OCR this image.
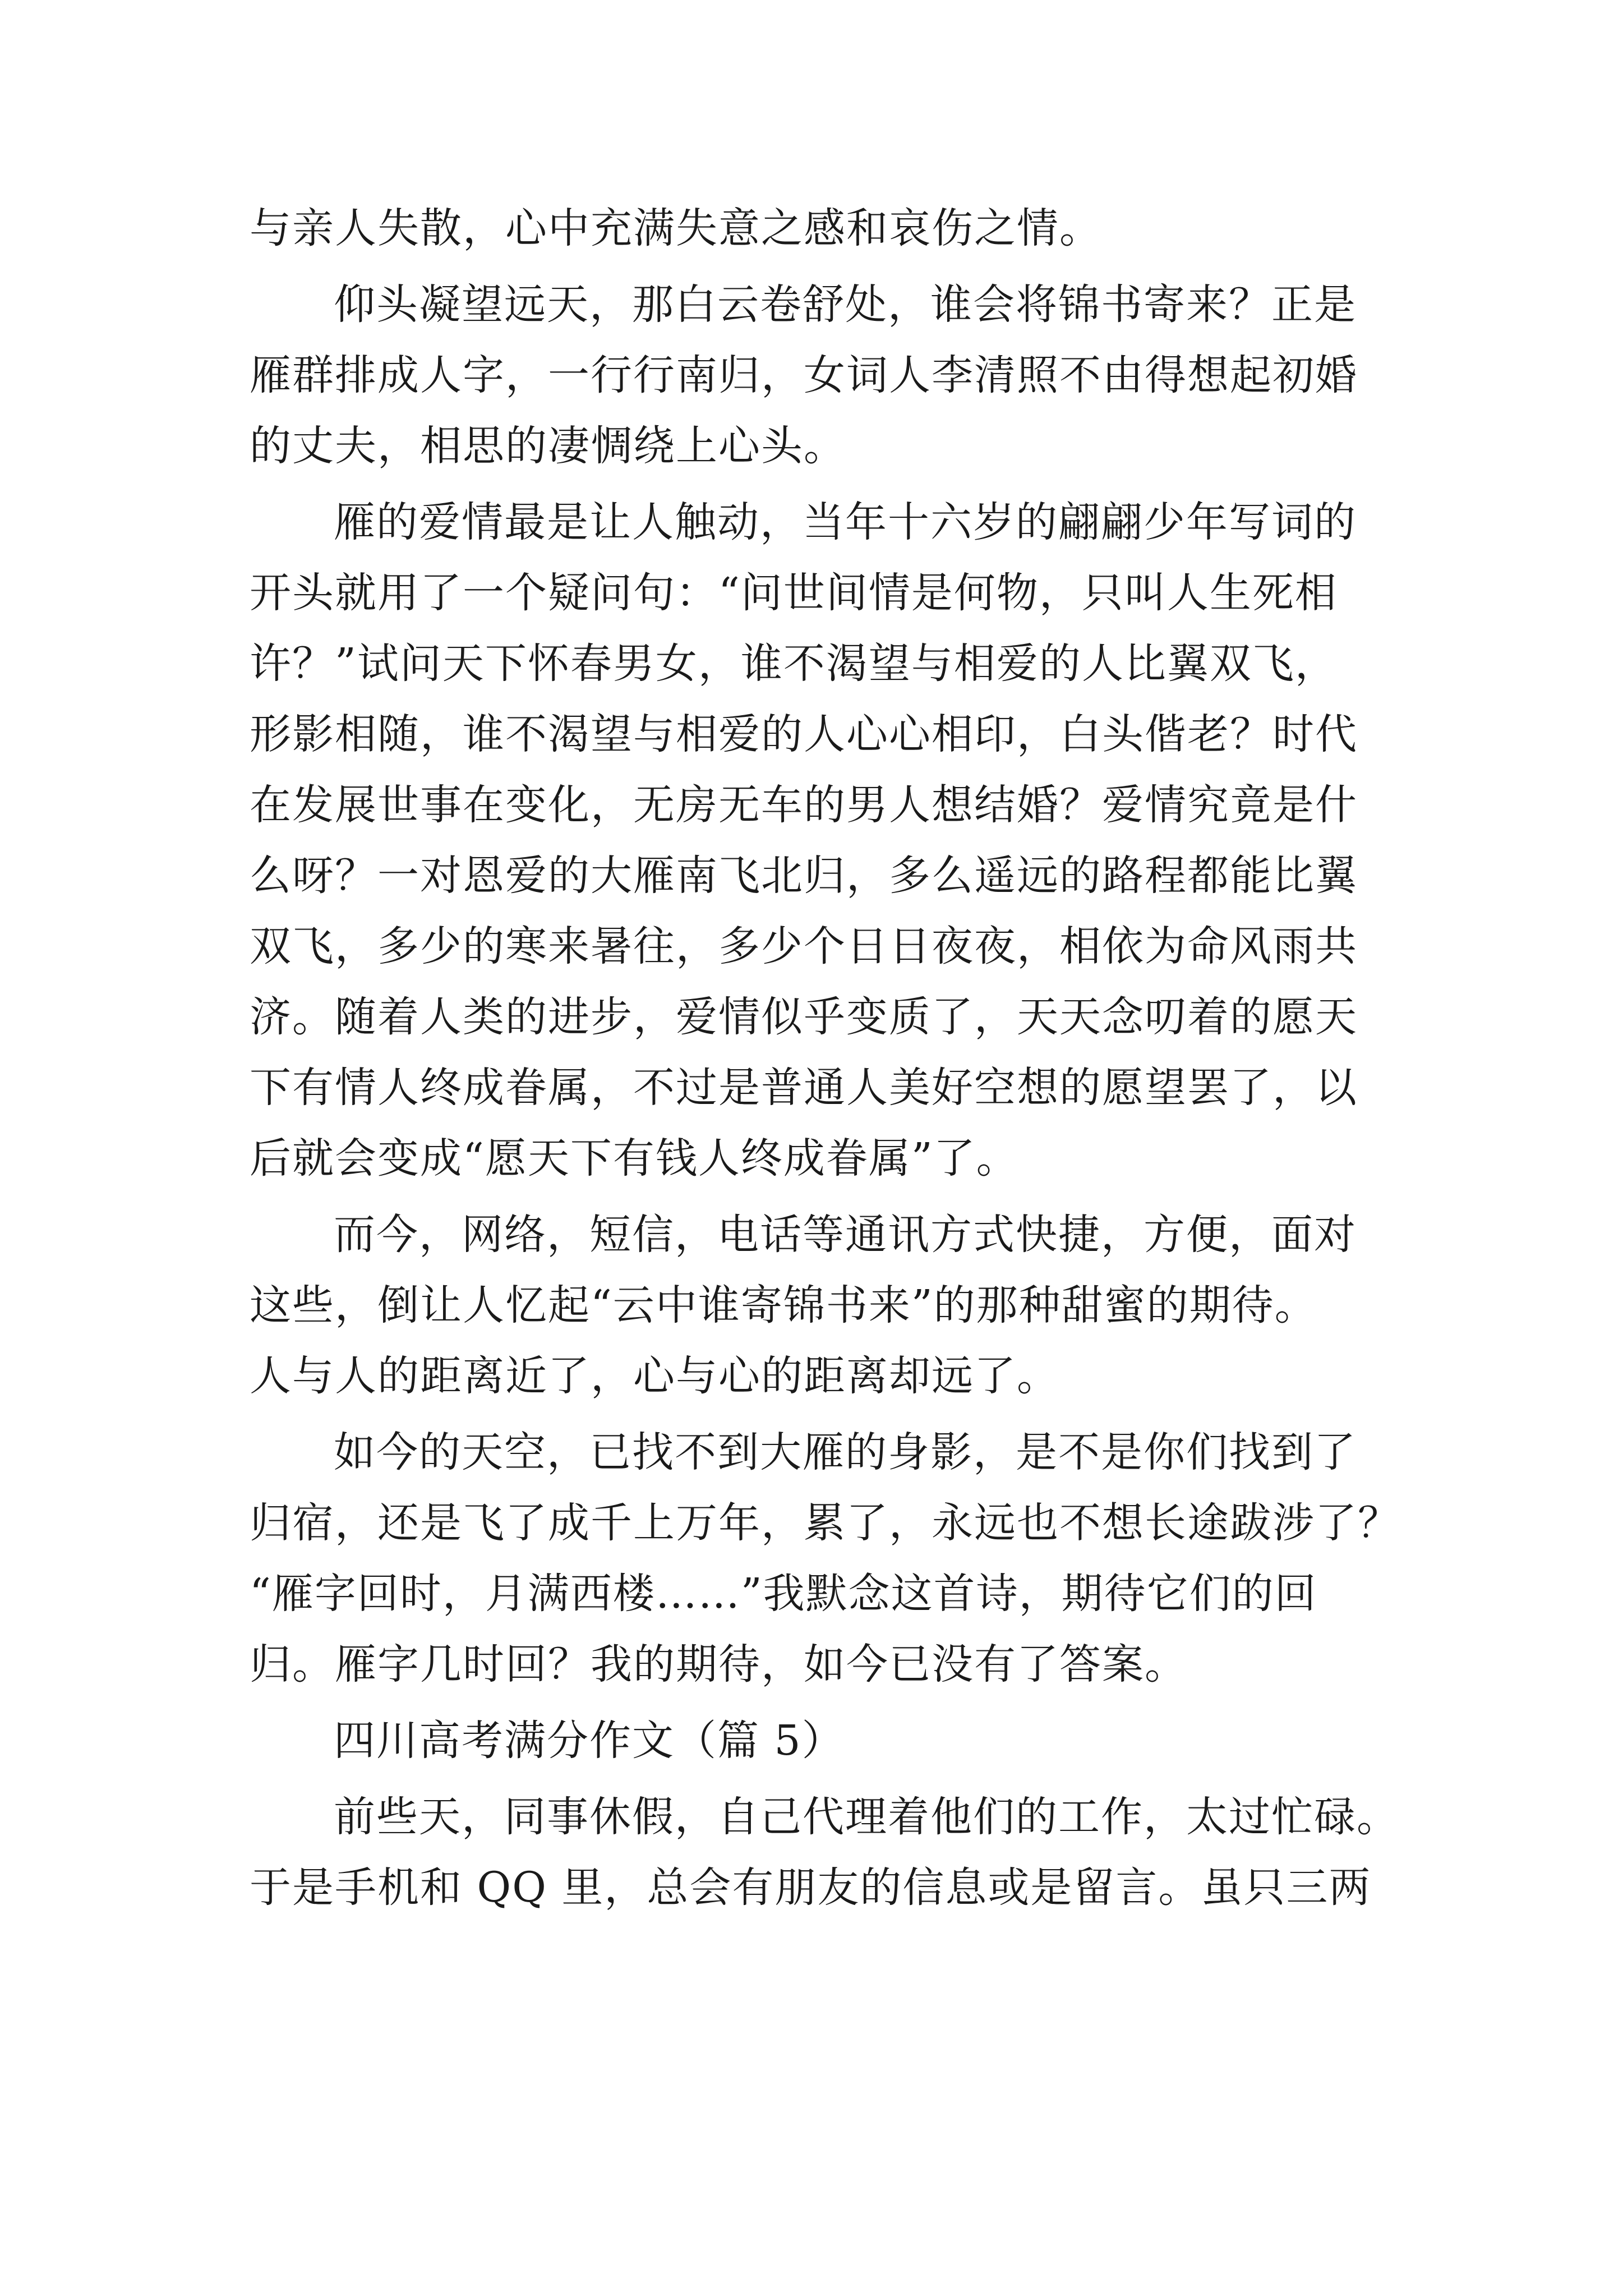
与亲人失散，心中充满失意之感和哀伤之情。
仰头凝望远天，那白云卷舒处，谁会将锦书寄来？正是
雁群排成人字，一行行南归，女词人李清照不由得想起初婚
的丈夫，相思的凄惆绕上心头。
雁的爱情最是让人触动，当年十六岁的翩翩少年写词的
开头就用了一个疑问句：“问世间情是何物，只叫人生死相
许？”试问天下怀春男女，谁不渴望与相爱的人比翼双飞，
形影相随，谁不渴望与相爱的人心心相印，白头偕老？时代
在发展世事在变化，无房无车的男人想结婚？爱情究竟是什
么呀？一对恩爱的大雁南飞北归，多么遥远的路程都能比翼
双飞，多少的寒来暑往，多少个日日夜夜，相依为命风雨共
济。随着人类的进步，爱情似乎变质了，天天念叨着的愿天
下有情人终成眷属，不过是普通人美好空想的愿望罢了，以
后就会变成“愿天下有钱人终成眷属”了。
而今，网络，短信，电话等通讯方式快捷，方便，面对
这些，倒让人忆起“云中谁寄锦书来”的那种甜蜜的期待。
人与人的距离近了，心与心的距离却远了。
如今的天空，已找不到大雁的身影，是不是你们找到了
归宿，还是飞了成千上万年，累了，永远也不想长途跋涉了？
“雁字回时，月满西楼……”我默念这首诗，期待它们的回
归。雁字几时回？我的期待，如今已没有了答案。
四川高考满分作文（篇 5）
前些天，同事休假，自己代理着他们的工作，太过忙碌。
于是手机和 QQ 里，总会有朋友的信息或是留言。虽只三两
